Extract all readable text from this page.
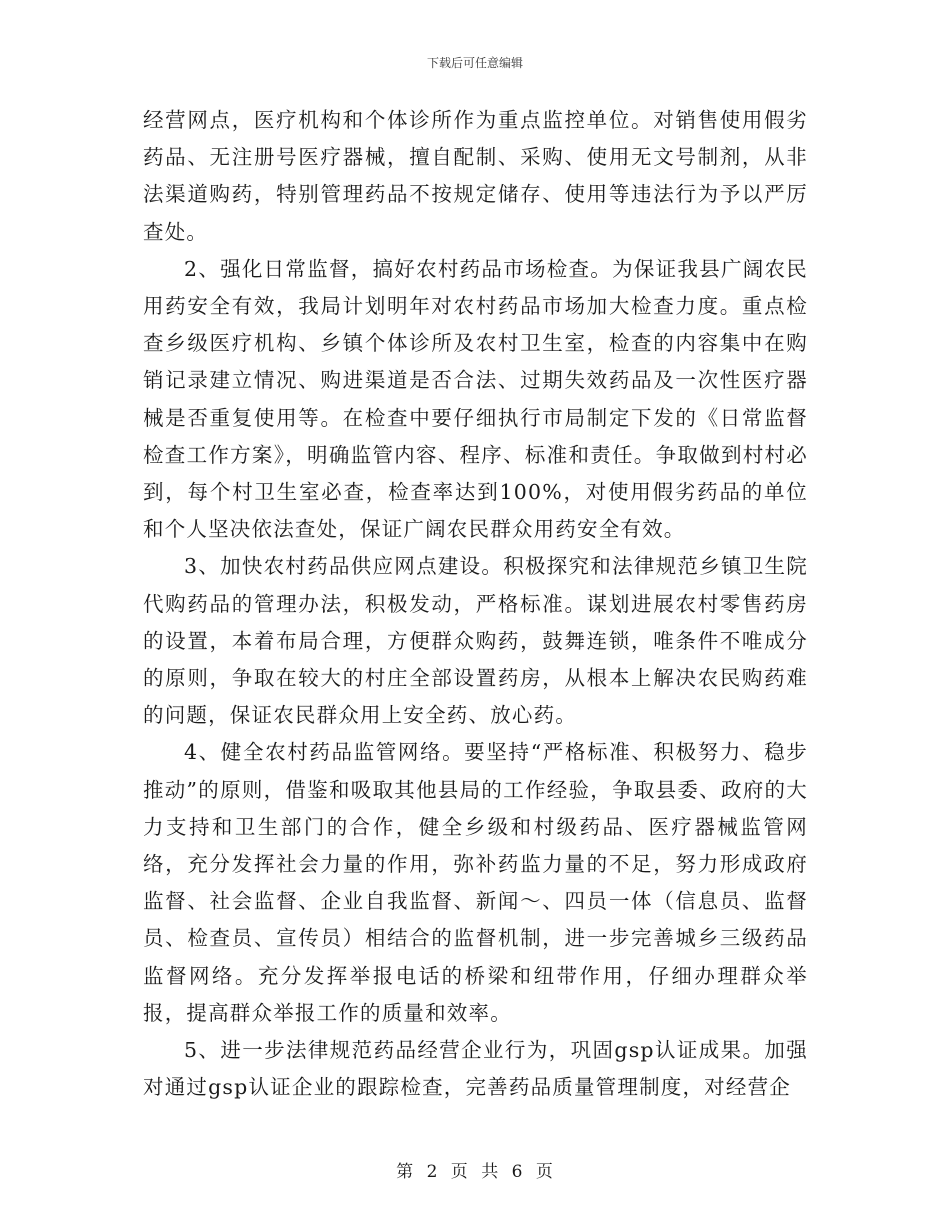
下载后可任意编辑

经营网点，医疗机构和个体诊所作为重点监控单位。对销售使用假劣药品、无注册号医疗器械，擅自配制、采购、使用无文号制剂，从非法渠道购药，特别管理药品不按规定储存、使用等违法行为予以严厉查处。

2、强化日常监督，搞好农村药品市场检查。为保证我县广阔农民用药安全有效，我局计划明年对农村药品市场加大检查力度。重点检查乡级医疗机构、乡镇个体诊所及农村卫生室，检查的内容集中在购销记录建立情况、购进渠道是否合法、过期失效药品及一次性医疗器械是否重复使用等。在检查中要仔细执行市局制定下发的《日常监督检查工作方案》，明确监管内容、程序、标准和责任。争取做到村村必到，每个村卫生室必查，检查率达到100%，对使用假劣药品的单位和个人坚决依法查处，保证广阔农民群众用药安全有效。

3、加快农村药品供应网点建设。积极探究和法律规范乡镇卫生院代购药品的管理办法，积极发动，严格标准。谋划进展农村零售药房的设置，本着布局合理，方便群众购药，鼓舞连锁，唯条件不唯成分的原则，争取在较大的村庄全部设置药房，从根本上解决农民购药难的问题，保证农民群众用上安全药、放心药。

4、健全农村药品监管网络。要坚持“严格标准、积极努力、稳步推动”的原则，借鉴和吸取其他县局的工作经验，争取县委、政府的大力支持和卫生部门的合作，健全乡级和村级药品、医疗器械监管网络，充分发挥社会力量的作用，弥补药监力量的不足，努力形成政府监督、社会监督、企业自我监督、新闻～、四员一体（信息员、监督员、检查员、宣传员）相结合的监督机制，进一步完善城乡三级药品监督网络。充分发挥举报电话的桥梁和纽带作用，仔细办理群众举报，提高群众举报工作的质量和效率。

5、进一步法律规范药品经营企业行为，巩固gsp认证成果。加强对通过gsp认证企业的跟踪检查，完善药品质量管理制度，对经营企

第 2 页 共 6 页
